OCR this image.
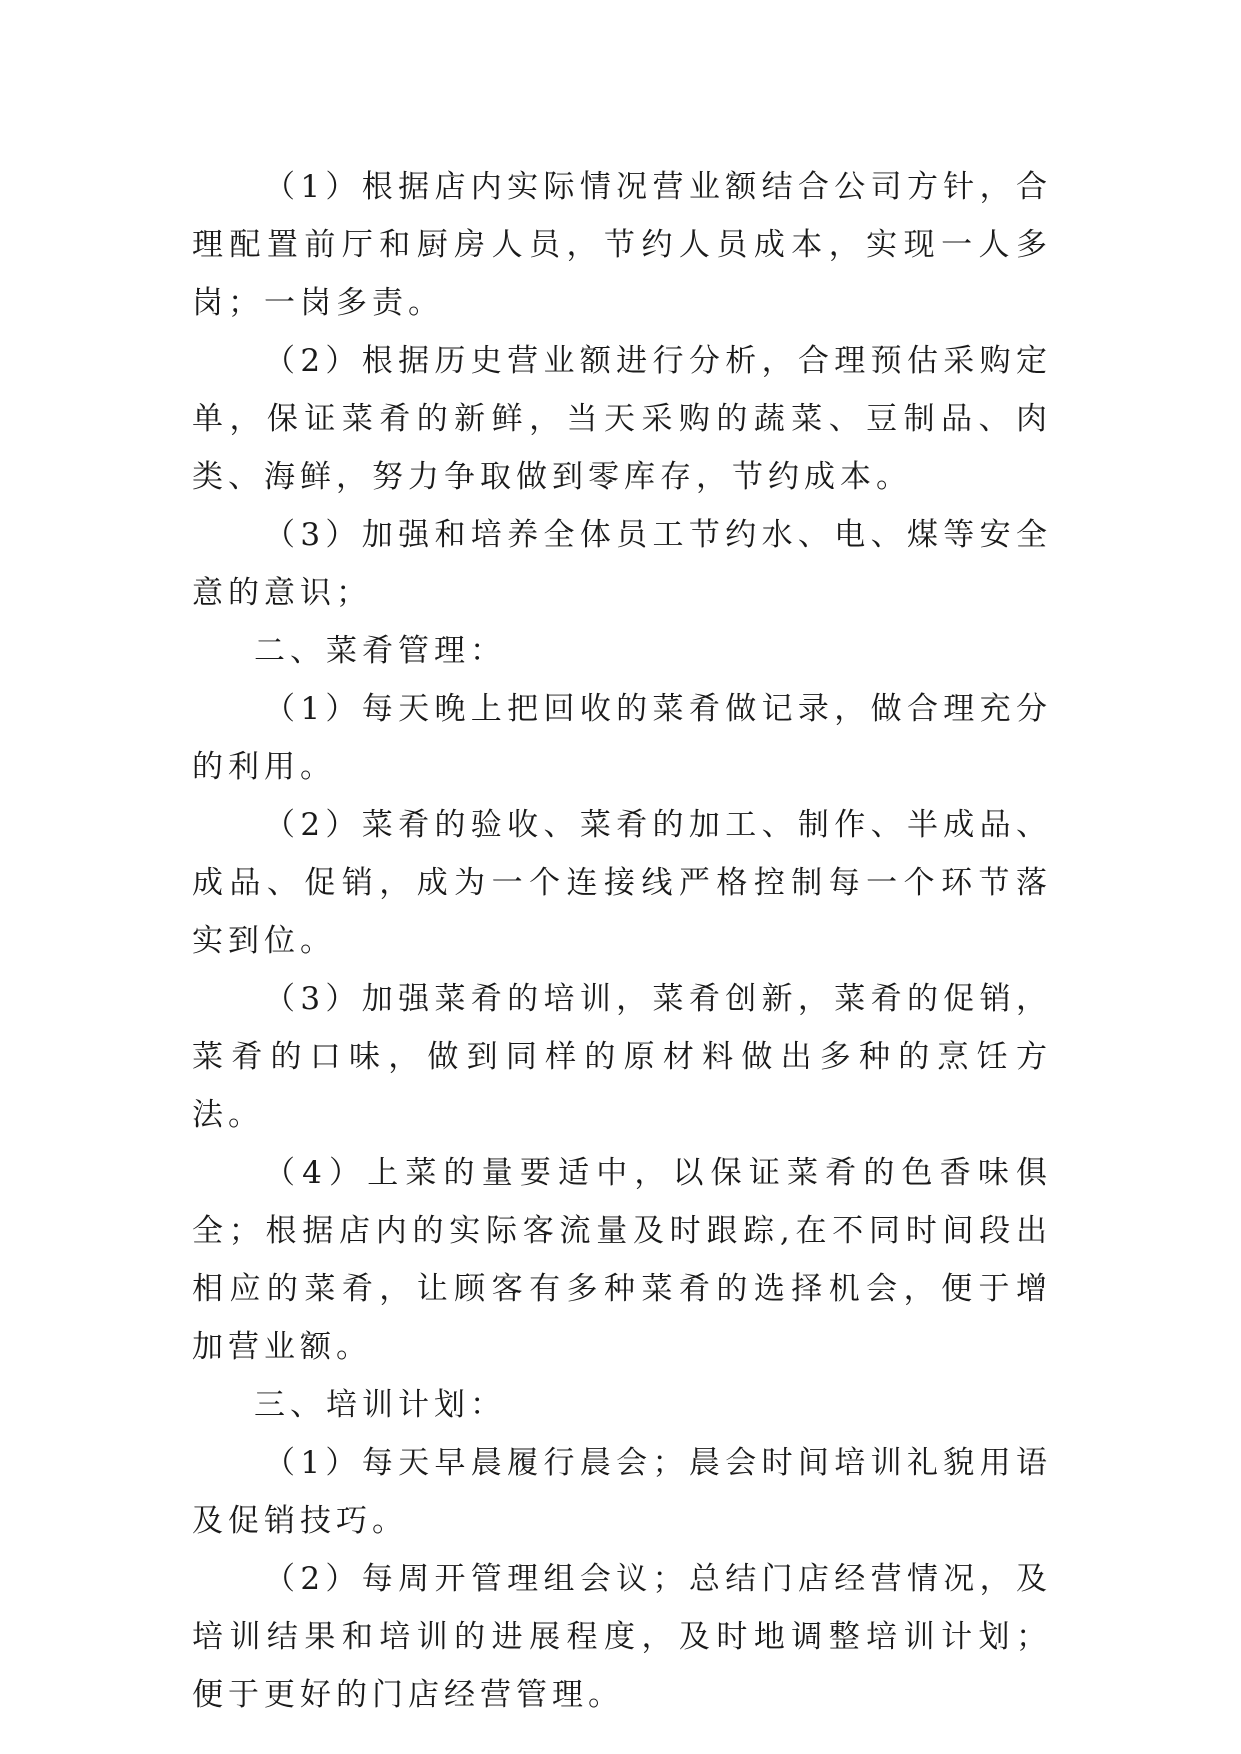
（1）根据店内实际情况营业额结合公司方针，合理配置前厅和厨房人员，节约人员成本，实现一人多岗；一岗多责。

（2）根据历史营业额进行分析，合理预估采购定单，保证菜肴的新鲜，当天采购的蔬菜、豆制品、肉类、海鲜，努力争取做到零库存，节约成本。

（3）加强和培养全体员工节约水、电、煤等安全意的意识；

二、菜肴管理：

（1）每天晚上把回收的菜肴做记录，做合理充分的利用。

（2）菜肴的验收、菜肴的加工、制作、半成品、成品、促销，成为一个连接线严格控制每一个环节落实到位。

（3）加强菜肴的培训，菜肴创新，菜肴的促销，菜肴的口味，做到同样的原材料做出多种的烹饪方法。

（4）上菜的量要适中，以保证菜肴的色香味俱全；根据店内的实际客流量及时跟踪,在不同时间段出相应的菜肴，让顾客有多种菜肴的选择机会，便于增加营业额。

三、培训计划：

（1）每天早晨履行晨会；晨会时间培训礼貌用语及促销技巧。

（2）每周开管理组会议；总结门店经营情况，及培训结果和培训的进展程度，及时地调整培训计划；便于更好的门店经营管理。
